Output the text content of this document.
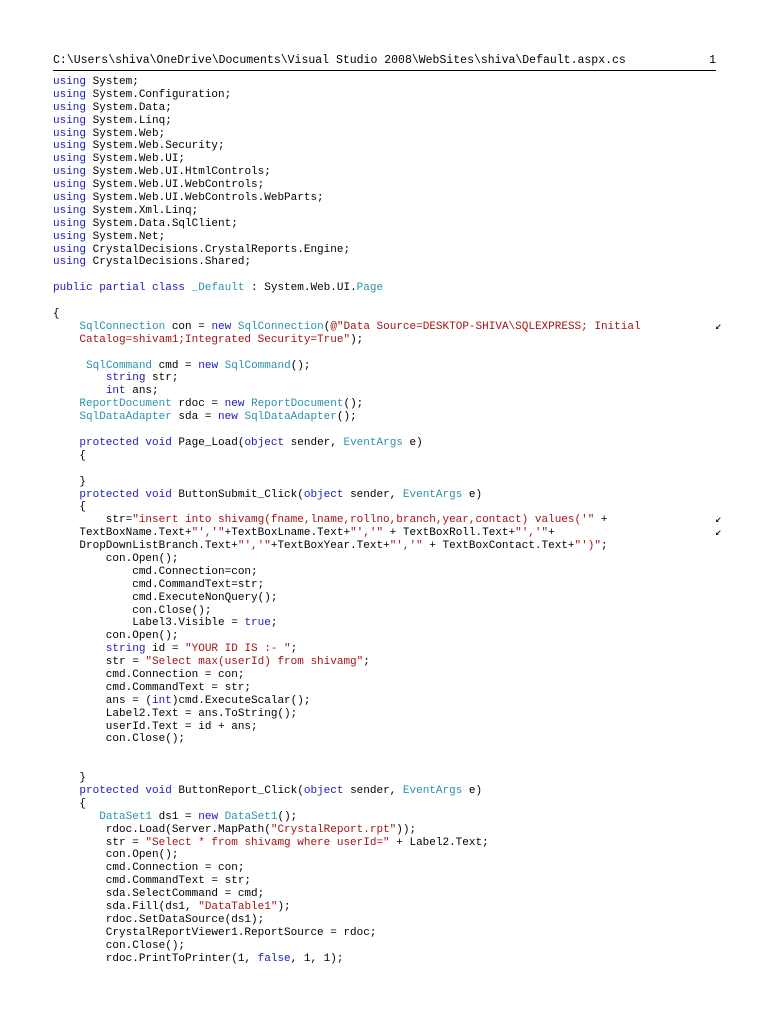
C:\Users\shiva\OneDrive\Documents\Visual Studio 2008\WebSites\shiva\Default.aspx.cs	1
using System;
using System.Configuration;
using System.Data;
using System.Linq;
using System.Web;
using System.Web.Security;
using System.Web.UI;
using System.Web.UI.HtmlControls;
using System.Web.UI.WebControls;
using System.Web.UI.WebControls.WebParts;
using System.Xml.Linq;
using System.Data.SqlClient;
using System.Net;
using CrystalDecisions.CrystalReports.Engine;
using CrystalDecisions.Shared;
public partial class _Default : System.Web.UI.Page
{
SqlConnection con = new SqlConnection(@"Data Source=DESKTOP-SHIVA\SQLEXPRESS; Initial	↙
Catalog=shivam1;Integrated Security=True");
SqlCommand cmd = new SqlCommand();
string str;
int ans;
ReportDocument rdoc = new ReportDocument();
SqlDataAdapter sda = new SqlDataAdapter();
protected void Page_Load(object sender, EventArgs e)
{
}
protected void ButtonSubmit_Click(object sender, EventArgs e)
{
str="insert into shivamg(fname,lname,rollno,branch,year,contact) values('" +	↙
TextBoxName.Text+"','"+TextBoxLname.Text+"','" + TextBoxRoll.Text+"','"+	↙
DropDownListBranch.Text+"','"+TextBoxYear.Text+"','" + TextBoxContact.Text+"')";
con.Open();
cmd.Connection=con;
cmd.CommandText=str;
cmd.ExecuteNonQuery();
con.Close();
Label3.Visible = true;
con.Open();
string id = "YOUR ID IS :- ";
str = "Select max(userId) from shivamg";
cmd.Connection = con;
cmd.CommandText = str;
ans = (int)cmd.ExecuteScalar();
Label2.Text = ans.ToString();
userId.Text = id + ans;
con.Close();
}
protected void ButtonReport_Click(object sender, EventArgs e)
{
DataSet1 ds1 = new DataSet1();
rdoc.Load(Server.MapPath("CrystalReport.rpt"));
str = "Select * from shivamg where userId=" + Label2.Text;
con.Open();
cmd.Connection = con;
cmd.CommandText = str;
sda.SelectCommand = cmd;
sda.Fill(ds1, "DataTable1");
rdoc.SetDataSource(ds1);
CrystalReportViewer1.ReportSource = rdoc;
con.Close();
rdoc.PrintToPrinter(1, false, 1, 1);
